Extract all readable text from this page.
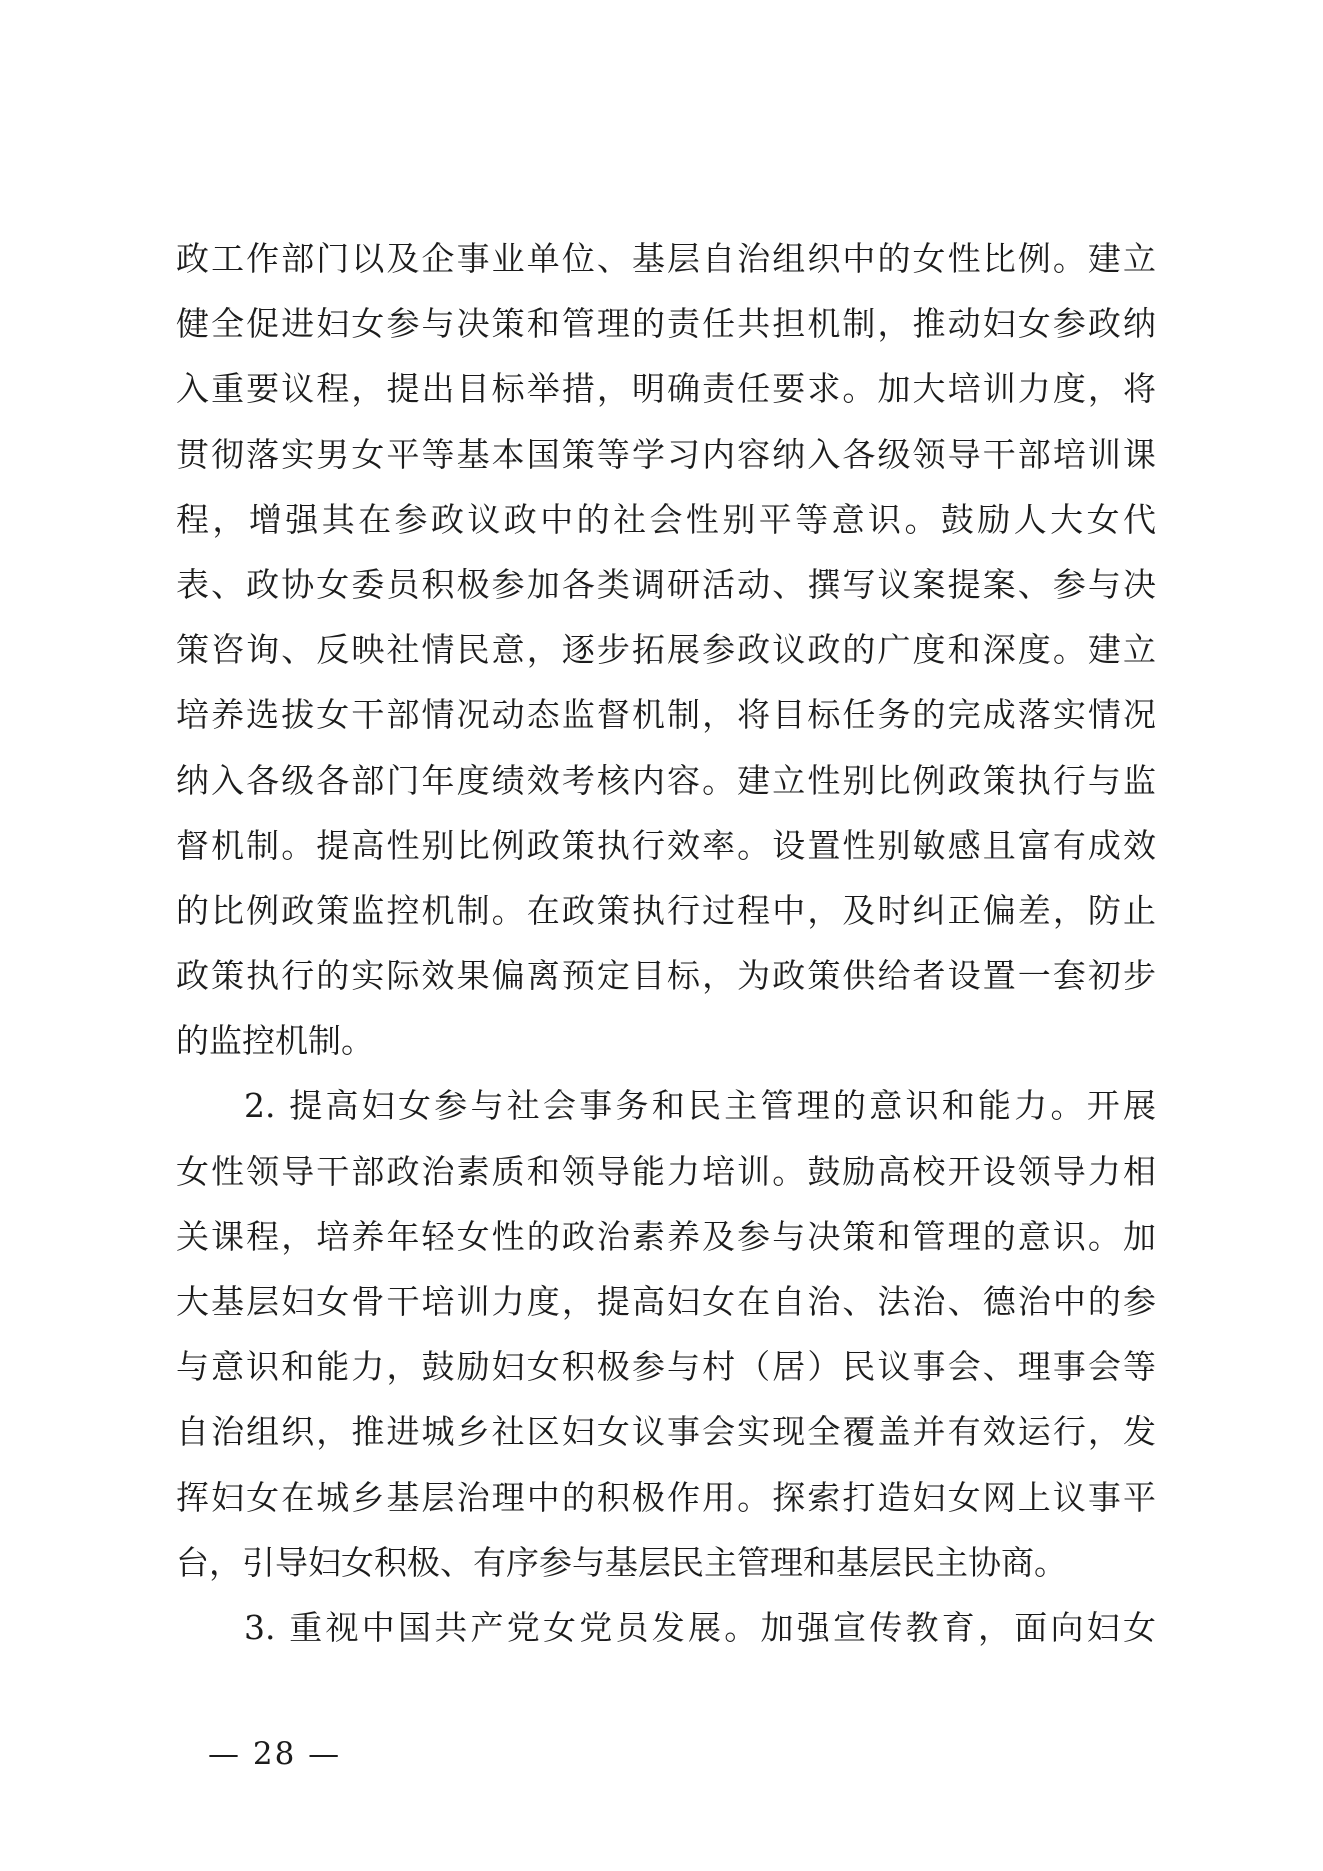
政工作部门以及企事业单位、基层自治组织中的女性比例。建立
健全促进妇女参与决策和管理的责任共担机制，推动妇女参政纳
入重要议程，提出目标举措，明确责任要求。加大培训力度，将
贯彻落实男女平等基本国策等学习内容纳入各级领导干部培训课
程，增强其在参政议政中的社会性别平等意识。鼓励人大女代
表、政协女委员积极参加各类调研活动、撰写议案提案、参与决
策咨询、反映社情民意，逐步拓展参政议政的广度和深度。建立
培养选拔女干部情况动态监督机制，将目标任务的完成落实情况
纳入各级各部门年度绩效考核内容。建立性别比例政策执行与监
督机制。提高性别比例政策执行效率。设置性别敏感且富有成效
的比例政策监控机制。在政策执行过程中，及时纠正偏差，防止
政策执行的实际效果偏离预定目标，为政策供给者设置一套初步
的监控机制。
2. 提高妇女参与社会事务和民主管理的意识和能力。开展
女性领导干部政治素质和领导能力培训。鼓励高校开设领导力相
关课程，培养年轻女性的政治素养及参与决策和管理的意识。加
大基层妇女骨干培训力度，提高妇女在自治、法治、德治中的参
与意识和能力，鼓励妇女积极参与村（居）民议事会、理事会等
自治组织，推进城乡社区妇女议事会实现全覆盖并有效运行，发
挥妇女在城乡基层治理中的积极作用。探索打造妇女网上议事平
台，引导妇女积极、有序参与基层民主管理和基层民主协商。
3. 重视中国共产党女党员发展。加强宣传教育，面向妇女
— 28 —
